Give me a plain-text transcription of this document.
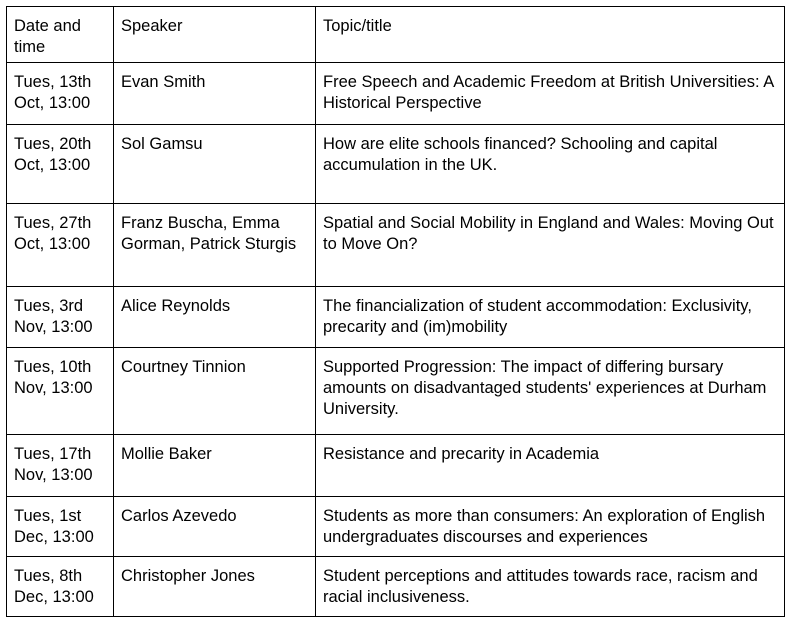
Date and time	Speaker	Topic/title
Tues, 13th Oct, 13:00	Evan Smith	Free Speech and Academic Freedom at British Universities: A Historical Perspective
Tues, 20th Oct, 13:00	Sol Gamsu	How are elite schools financed? Schooling and capital accumulation in the UK.
Tues, 27th Oct, 13:00	Franz Buscha, Emma Gorman, Patrick Sturgis	Spatial and Social Mobility in England and Wales: Moving Out to Move On?
Tues, 3rd Nov, 13:00	Alice Reynolds	The financialization of student accommodation: Exclusivity, precarity and (im)mobility
Tues, 10th Nov, 13:00	Courtney Tinnion	Supported Progression: The impact of differing bursary amounts on disadvantaged students' experiences at Durham University.
Tues, 17th Nov, 13:00	Mollie Baker	Resistance and precarity in Academia
Tues, 1st Dec, 13:00	Carlos Azevedo	Students as more than consumers: An exploration of English undergraduates discourses and experiences
Tues, 8th Dec, 13:00	Christopher Jones	Student perceptions and attitudes towards race, racism and racial inclusiveness.
